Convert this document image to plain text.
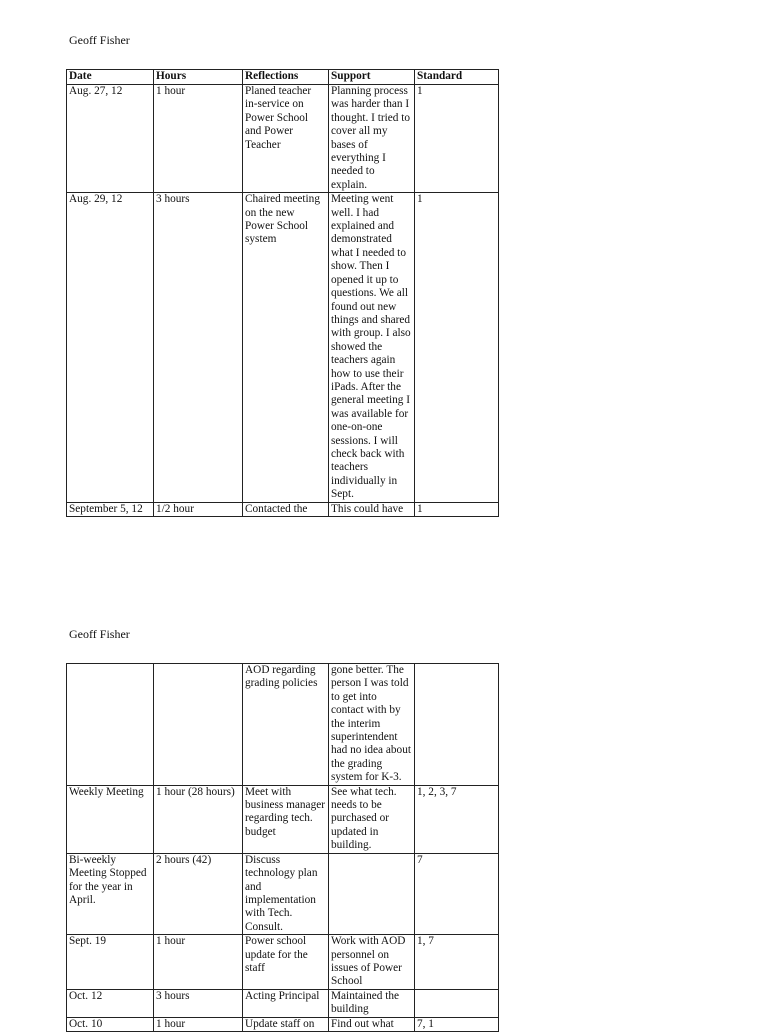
Geoff Fisher
Date	Hours	Reflections	Support	Standard
Aug. 27, 12	1 hour	Planed teacher in-service on Power School and Power Teacher	Planning process was harder than I thought. I tried to cover all my bases of everything I needed to explain.	1
Aug. 29, 12	3 hours	Chaired meeting on the new Power School system	Meeting went well. I had explained and demonstrated what I needed to show. Then I opened it up to questions. We all found out new things and shared with group. I also showed the teachers again how to use their iPads. After the general meeting I was available for one-on-one sessions. I will check back with teachers individually in Sept.	1
September 5, 12	1/2 hour	Contacted the	This could have	1
Geoff Fisher
		AOD regarding grading policies	gone better. The person I was told to get into contact with by the interim superintendent had no idea about the grading system for K-3.	
Weekly Meeting	1 hour (28 hours)	Meet with business manager regarding tech. budget	See what tech. needs to be purchased or updated in building.	1, 2, 3, 7
Bi-weekly Meeting Stopped for the year in April.	2 hours (42)	Discuss technology plan and implementation with Tech. Consult.		7
Sept. 19	1 hour	Power school update for the staff	Work with AOD personnel on issues of Power School	1, 7
Oct. 12	3 hours	Acting Principal	Maintained the building	
Oct. 10	1 hour	Update staff on	Find out what	7, 1
